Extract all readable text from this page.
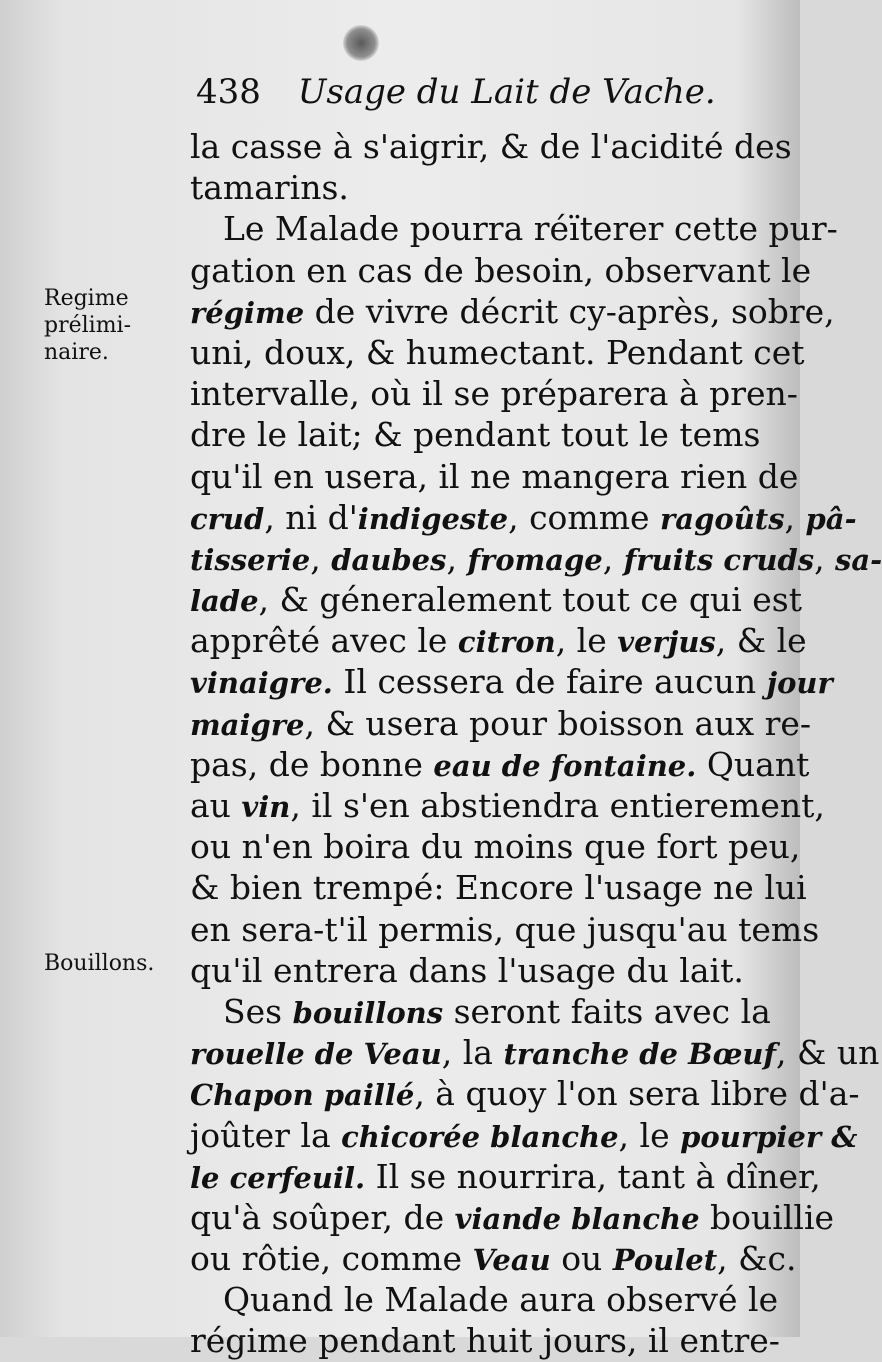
438 Usage du Lait de Vache.
Regime
prélimi-
naire.
Bouillons.
la casse à s'aigrir, & de l'acidité des
tamarins.
 Le Malade pourra réïterer cette pur-
gation en cas de besoin, observant le
régime de vivre décrit cy-après, sobre,
uni, doux, & humectant. Pendant cet
intervalle, où il se préparera à pren-
dre le lait; & pendant tout le tems
qu'il en usera, il ne mangera rien de
crud, ni d'indigeste, comme ragoûts, pâ-
tisserie, daubes, fromage, fruits cruds, sa-
lade, & géneralement tout ce qui est
apprêté avec le citron, le verjus, & le
vinaigre. Il cessera de faire aucun jour
maigre, & usera pour boisson aux re-
pas, de bonne eau de fontaine. Quant
au vin, il s'en abstiendra entierement,
ou n'en boira du moins que fort peu,
& bien trempé: Encore l'usage ne lui
en sera-t'il permis, que jusqu'au tems
qu'il entrera dans l'usage du lait.
 Ses bouillons seront faits avec la
rouelle de Veau, la tranche de Bœuf, & un
Chapon paillé, à quoy l'on sera libre d'a-
joûter la chicorée blanche, le pourpier &
le cerfeuil. Il se nourrira, tant à dîner,
qu'à soûper, de viande blanche bouillie
ou rôtie, comme Veau ou Poulet, &c.
 Quand le Malade aura observé le
régime pendant huit jours, il entre-
